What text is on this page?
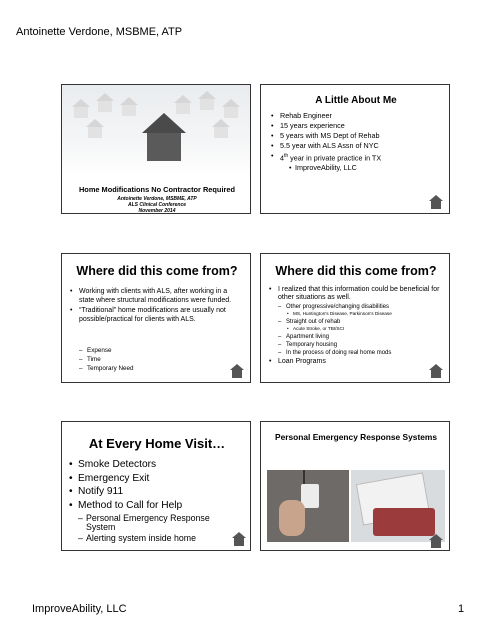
Antoinette Verdone, MSBME, ATP
Home Modifications No Contractor Required
Antoinette Verdone, MSBME, ATP
ALS Clinical Conference
November 2014
A Little About Me
• Rehab Engineer
• 15 years experience
• 5 years with MS Dept of Rehab
• 5.5 year with ALS Assn of NYC
• 4th year in private practice in TX
• ImproveAbility, LLC
Where did this come from?
• Working with clients with ALS, after working in a state where structural modifications were funded.
• “Traditional” home modifications are usually not possible/practical for clients with ALS.
– Expense
– Time
– Temporary Need
Where did this come from?
• I realized that this information could be beneficial for other situations as well.
– Other progressive/changing disabilities
• MS, Huntington’s Disease, Parkinson’s Disease
– Straight out of rehab
• Acute Stroke, or TBI/SCI
– Apartment living
– Temporary housing
– In the process of doing real home mods
• Loan Programs
At Every Home Visit…
• Smoke Detectors
• Emergency Exit
• Notify 911
• Method to Call for Help
– Personal Emergency Response System
– Alerting system inside home
Personal Emergency Response Systems
ImproveAbility, LLC	1
